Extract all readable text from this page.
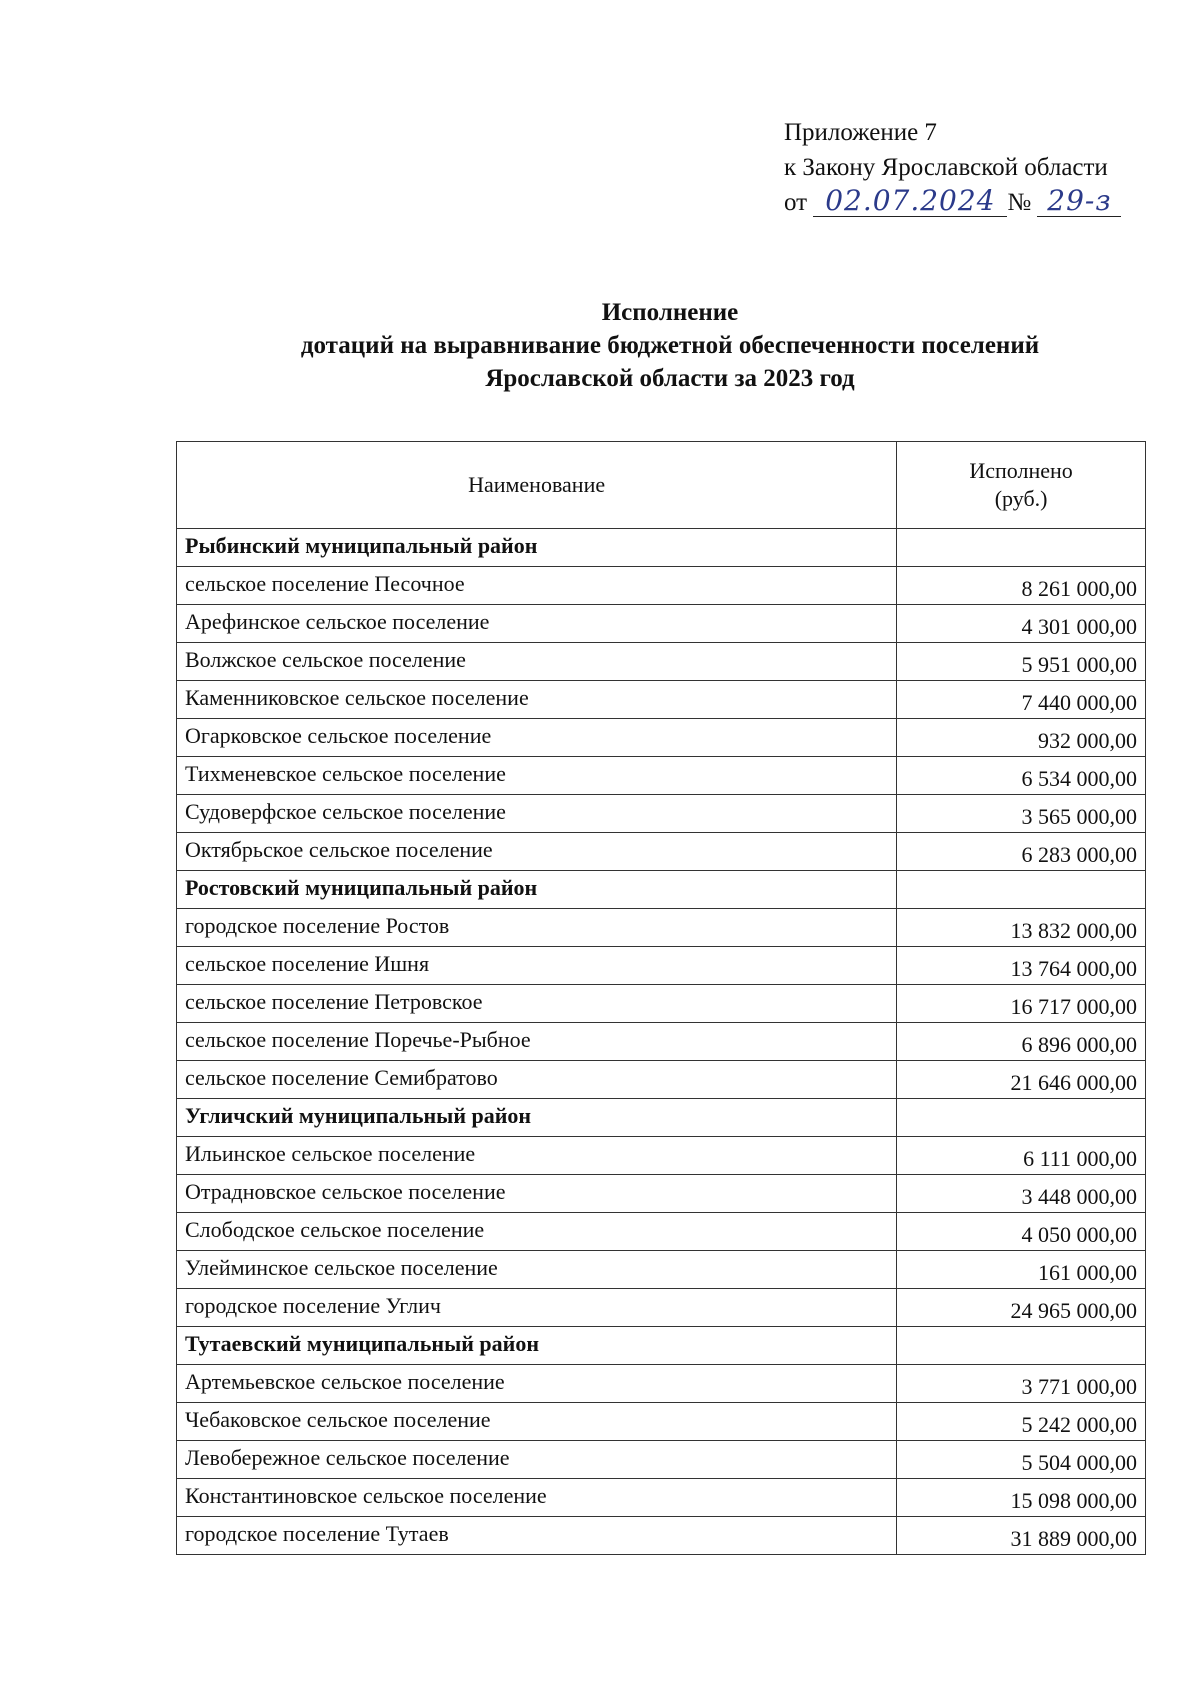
Приложение 7
к Закону Ярославской области
от 02.07.2024 № 29-з
Исполнение
дотаций на выравнивание бюджетной обеспеченности поселений
Ярославской области за 2023 год
Наименование	Исполнено
(руб.)

Рыбинский муниципальный район	
сельское поселение Песочное	8 261 000,00
Арефинское сельское поселение	4 301 000,00
Волжское сельское поселение	5 951 000,00
Каменниковское сельское поселение	7 440 000,00
Огарковское сельское поселение	932 000,00
Тихменевское сельское поселение	6 534 000,00
Судоверфское сельское поселение	3 565 000,00
Октябрьское сельское поселение	6 283 000,00
Ростовский муниципальный район	
городское поселение Ростов	13 832 000,00
сельское поселение Ишня	13 764 000,00
сельское поселение Петровское	16 717 000,00
сельское поселение Поречье-Рыбное	6 896 000,00
сельское поселение Семибратово	21 646 000,00
Угличский муниципальный район	
Ильинское сельское поселение	6 111 000,00
Отрадновское сельское поселение	3 448 000,00
Слободское сельское поселение	4 050 000,00
Улейминское сельское поселение	161 000,00
городское поселение Углич	24 965 000,00
Тутаевский муниципальный район	
Артемьевское сельское поселение	3 771 000,00
Чебаковское сельское поселение	5 242 000,00
Левобережное сельское поселение	5 504 000,00
Константиновское сельское поселение	15 098 000,00
городское поселение Тутаев	31 889 000,00
